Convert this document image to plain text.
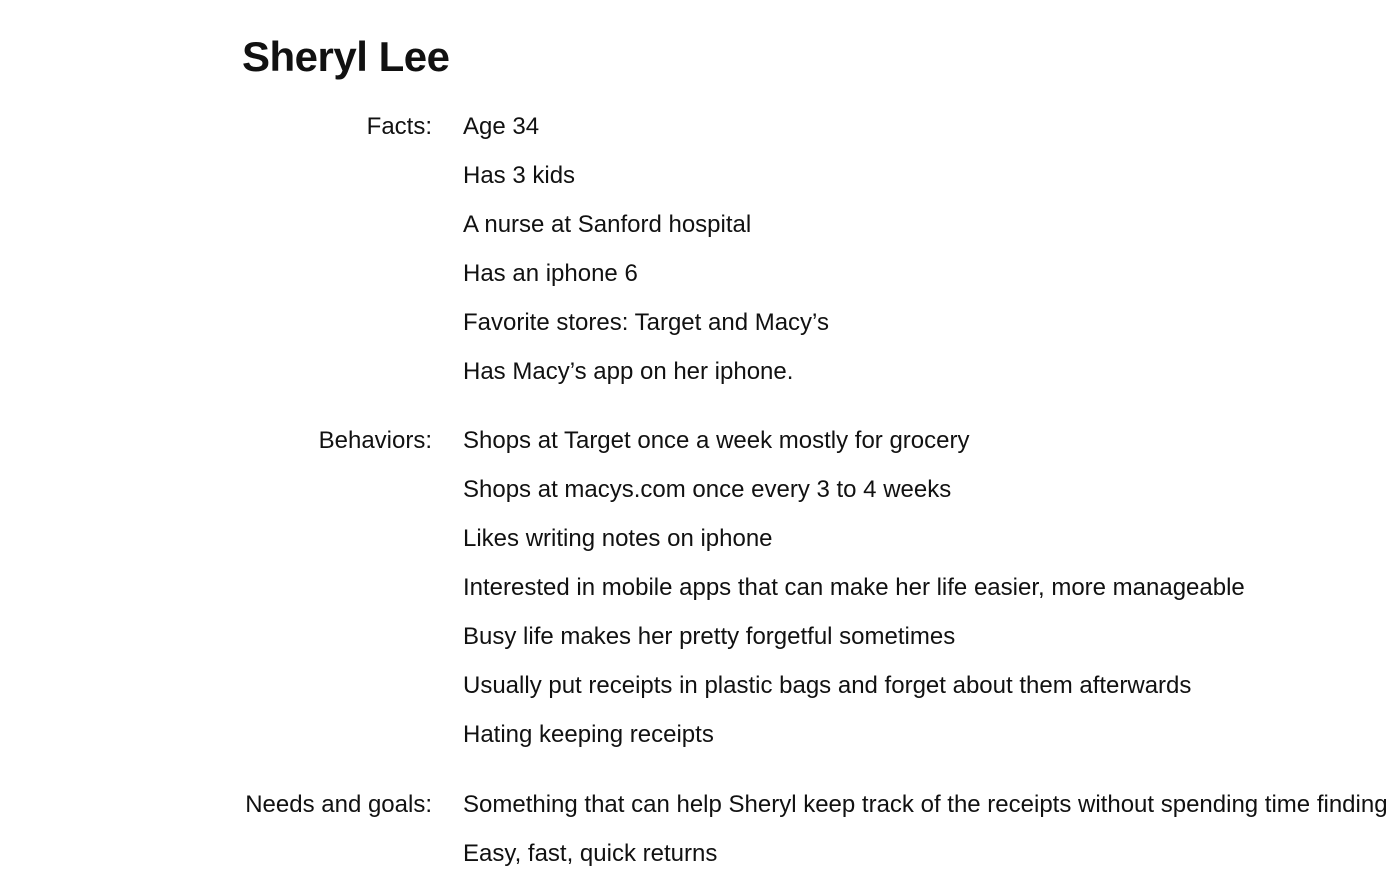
Sheryl Lee
Facts: Age 34
Has 3 kids
A nurse at Sanford hospital
Has an iphone 6
Favorite stores: Target and Macy’s
Has Macy’s app on her iphone.
Behaviors: Shops at Target once a week mostly for grocery
Shops at macys.com once every 3 to 4 weeks
Likes writing notes on iphone
Interested in mobile apps that can make her life easier, more manageable
Busy life makes her pretty forgetful sometimes
Usually put receipts in plastic bags and forget about them afterwards
Hating keeping receipts
Needs and goals: Something that can help Sheryl keep track of the receipts without spending time finding
Easy, fast, quick returns
